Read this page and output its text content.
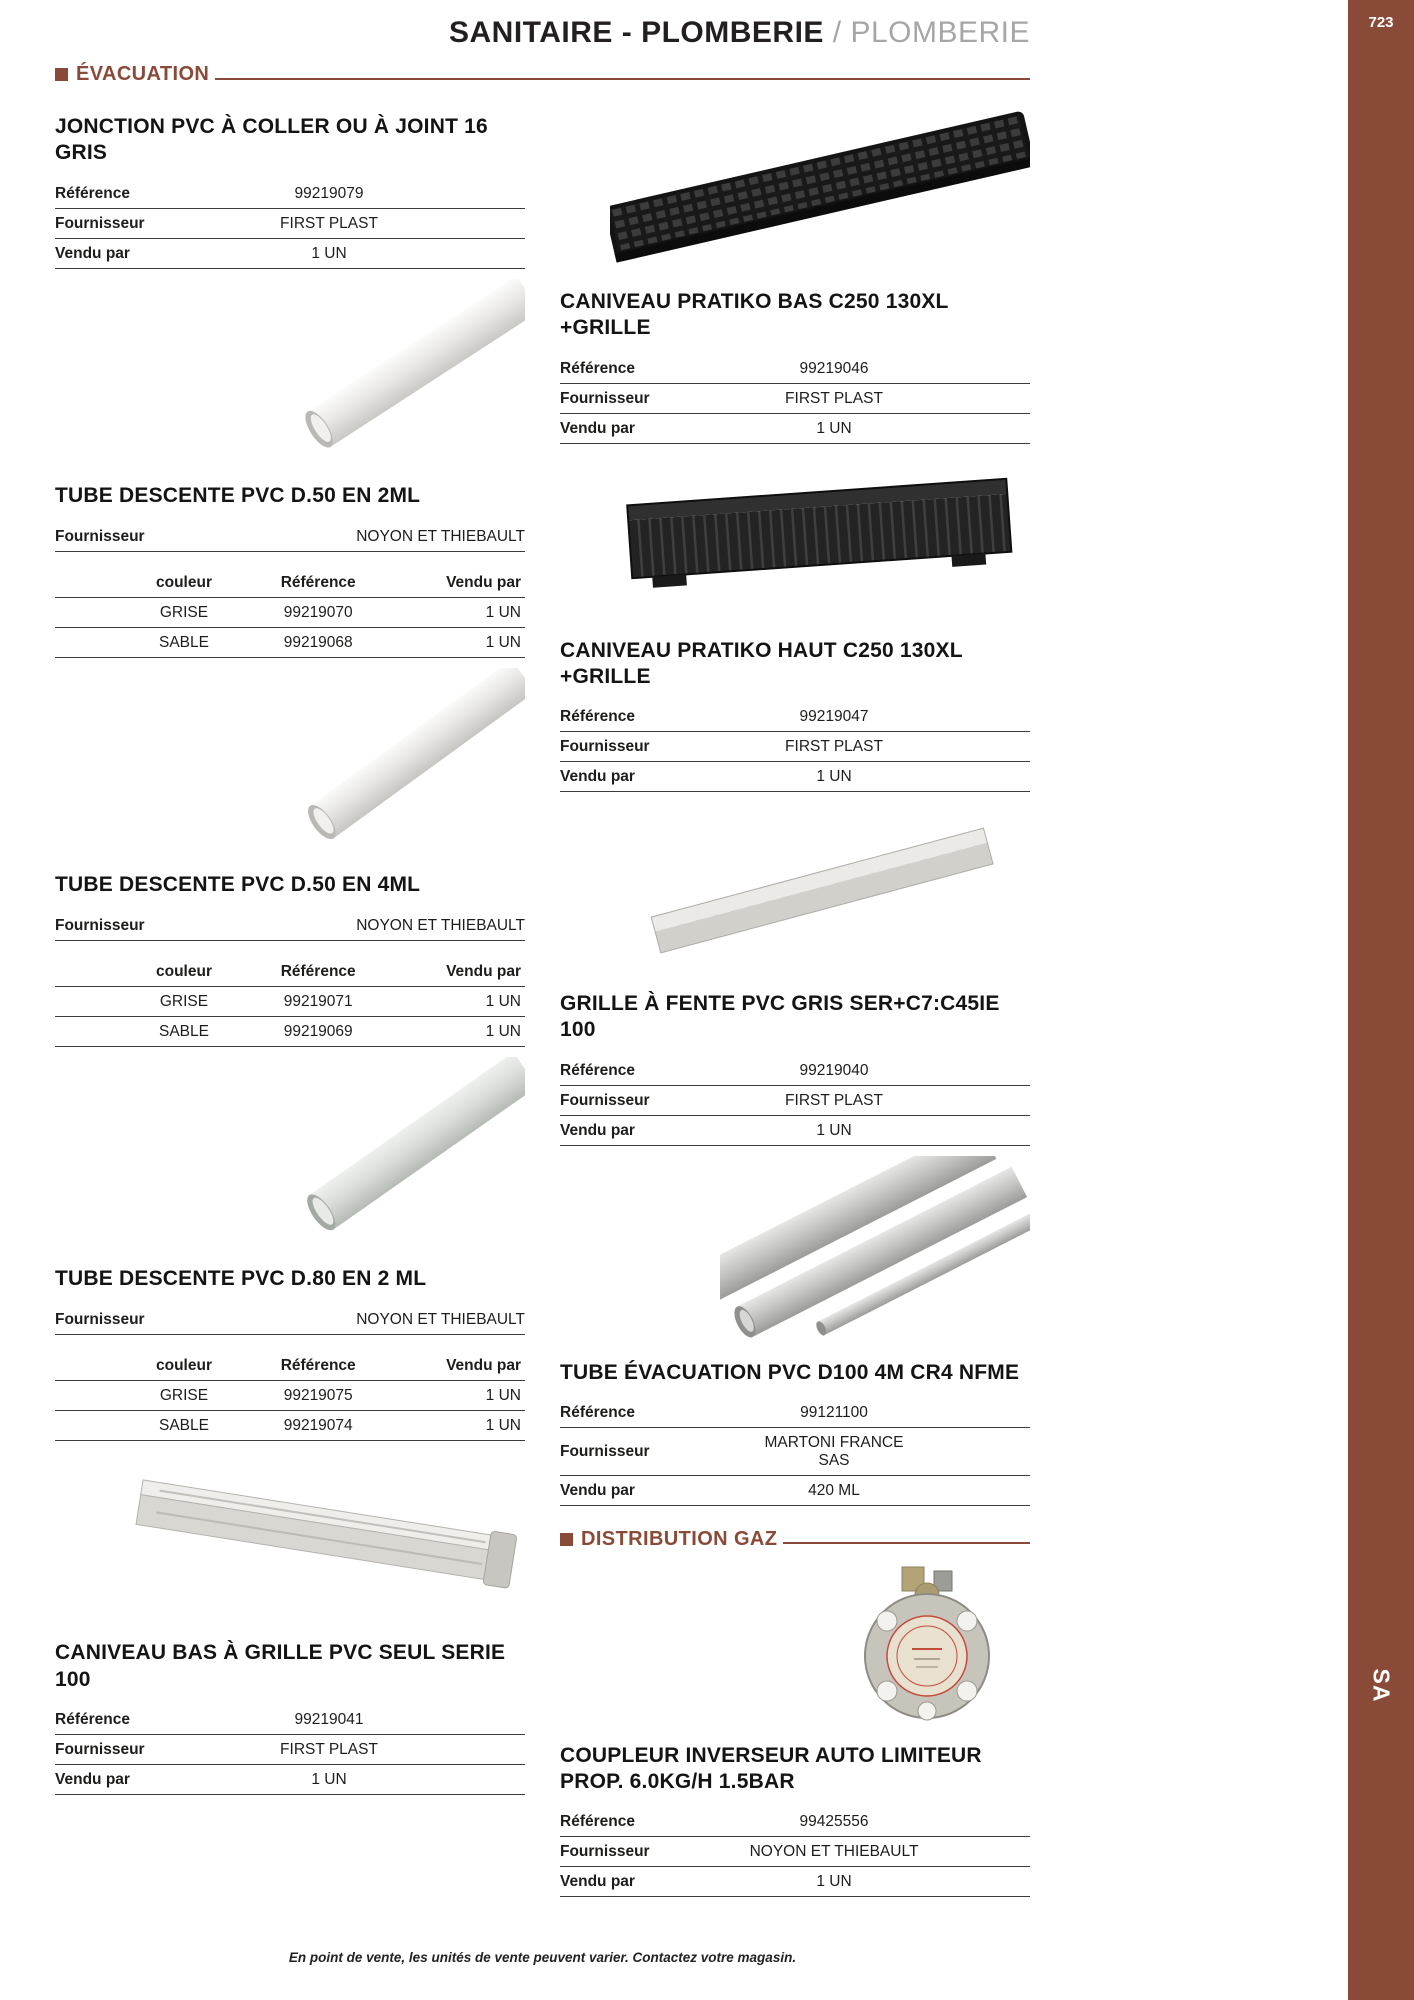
723
SA
SANITAIRE - PLOMBERIE / PLOMBERIE
ÉVACUATION
JONCTION PVC À COLLER OU À JOINT 16 GRIS
Référence	99219079
Fournisseur	FIRST PLAST
Vendu par	1 UN
TUBE DESCENTE PVC D.50 EN 2ML
Fournisseur	NOYON ET THIEBAULT
couleur	Référence	Vendu par
GRISE	99219070	1 UN
SABLE	99219068	1 UN
TUBE DESCENTE PVC D.50 EN 4ML
Fournisseur	NOYON ET THIEBAULT
couleur	Référence	Vendu par
GRISE	99219071	1 UN
SABLE	99219069	1 UN
TUBE DESCENTE PVC D.80 EN 2 ML
Fournisseur	NOYON ET THIEBAULT
couleur	Référence	Vendu par
GRISE	99219075	1 UN
SABLE	99219074	1 UN
CANIVEAU BAS À GRILLE PVC SEUL SERIE 100
Référence	99219041
Fournisseur	FIRST PLAST
Vendu par	1 UN
CANIVEAU PRATIKO BAS C250 130XL +GRILLE
Référence	99219046
Fournisseur	FIRST PLAST
Vendu par	1 UN
CANIVEAU PRATIKO HAUT C250 130XL +GRILLE
Référence	99219047
Fournisseur	FIRST PLAST
Vendu par	1 UN
GRILLE À FENTE PVC GRIS SER+C7:C45IE 100
Référence	99219040
Fournisseur	FIRST PLAST
Vendu par	1 UN
TUBE ÉVACUATION PVC D100 4M CR4 NFME
Référence	99121100
Fournisseur	MARTONI FRANCE SAS
Vendu par	420 ML
DISTRIBUTION GAZ
COUPLEUR INVERSEUR AUTO LIMITEUR PROP. 6.0KG/H 1.5BAR
Référence	99425556
Fournisseur	NOYON ET THIEBAULT
Vendu par	1 UN
En point de vente, les unités de vente peuvent varier. Contactez votre magasin.
